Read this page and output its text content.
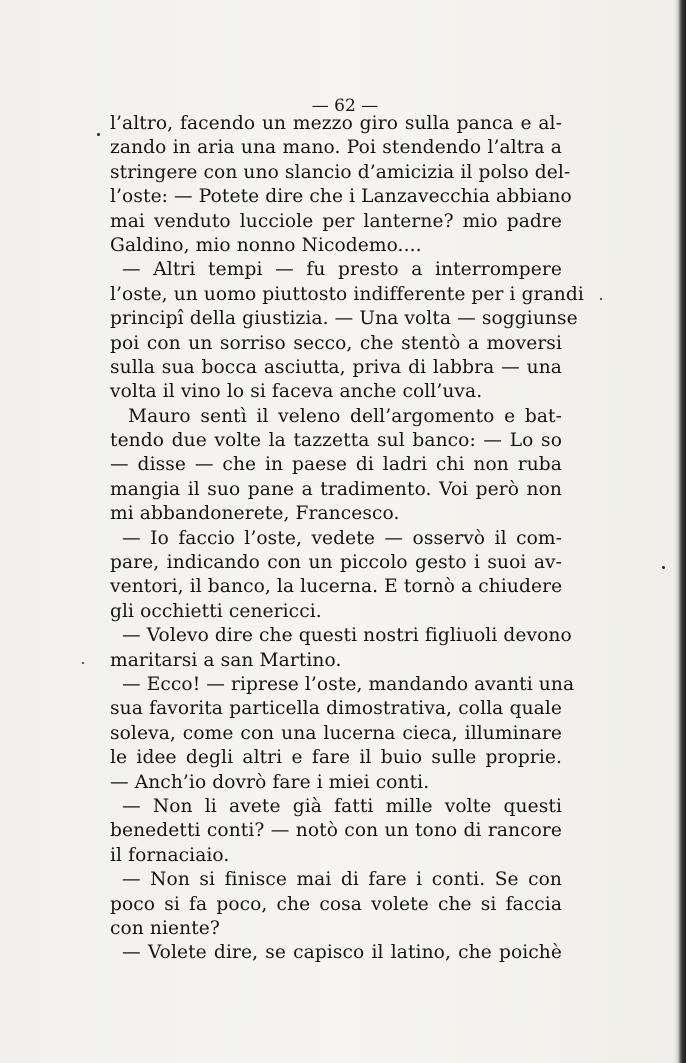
— 62 —
l’altro, facendo un mezzo giro sulla panca e al-
zando in aria una mano. Poi stendendo l’altra a
stringere con uno slancio d’amicizia il polso del-
l’oste: — Potete dire che i Lanzavecchia abbiano
mai venduto lucciole per lanterne? mio padre
Galdino, mio nonno Nicodemo....
— Altri tempi — fu presto a interrompere
l’oste, un uomo piuttosto indifferente per i grandi
principî della giustizia. — Una volta — soggiunse
poi con un sorriso secco, che stentò a moversi
sulla sua bocca asciutta, priva di labbra — una
volta il vino lo si faceva anche coll’uva.
Mauro sentì il veleno dell’argomento e bat-
tendo due volte la tazzetta sul banco: — Lo so
— disse — che in paese di ladri chi non ruba
mangia il suo pane a tradimento. Voi però non
mi abbandonerete, Francesco.
— Io faccio l’oste, vedete — osservò il com-
pare, indicando con un piccolo gesto i suoi av-
ventori, il banco, la lucerna. E tornò a chiudere
gli occhietti cenericci.
— Volevo dire che questi nostri figliuoli devono
maritarsi a san Martino.
— Ecco! — riprese l’oste, mandando avanti una
sua favorita particella dimostrativa, colla quale
soleva, come con una lucerna cieca, illuminare
le idee degli altri e fare il buio sulle proprie.
— Anch’io dovrò fare i miei conti.
— Non li avete già fatti mille volte questi
benedetti conti? — notò con un tono di rancore
il fornaciaio.
— Non si finisce mai di fare i conti. Se con
poco si fa poco, che cosa volete che si faccia
con niente?
— Volete dire, se capisco il latino, che poichè
